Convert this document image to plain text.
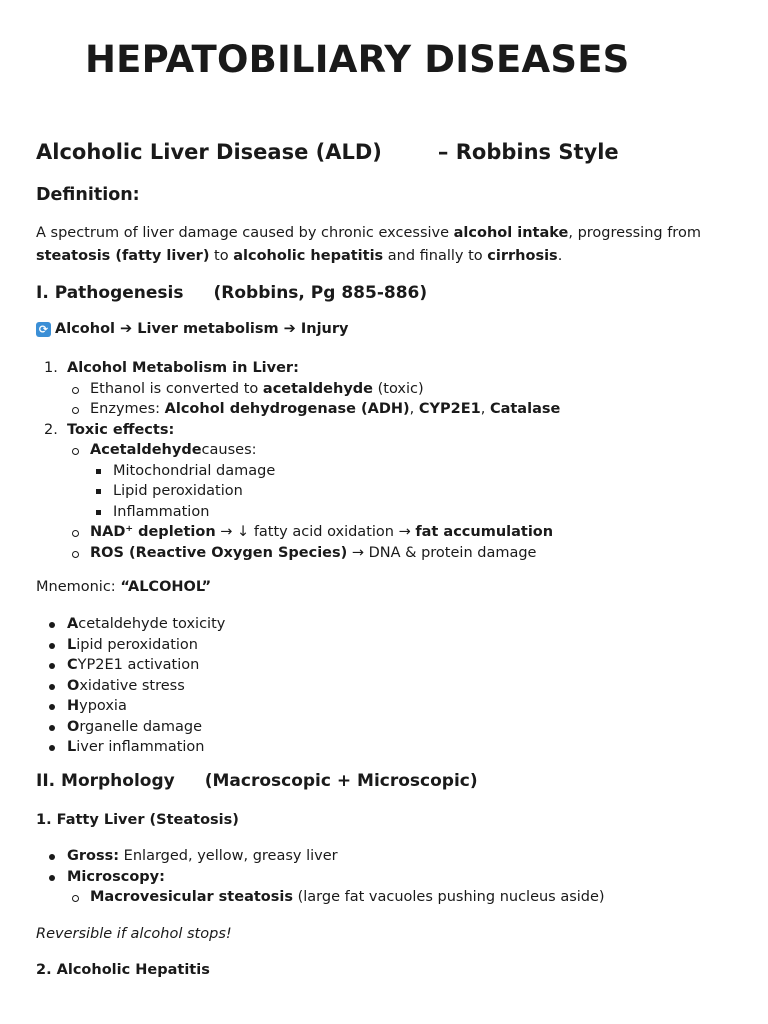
HEPATOBILIARY DISEASES
Alcoholic Liver Disease (ALD)	– Robbins Style
Definition:

A spectrum of liver damage caused by chronic excessive alcohol intake, progressing from steatosis (fatty liver) to alcoholic hepatitis and finally to cirrhosis.

I. Pathogenesis (Robbins, Pg 885-886)
⟳ Alcohol ➔ Liver metabolism ➔ Injury
1. Alcohol Metabolism in Liver:
Ethanol is converted to acetaldehyde (toxic)
Enzymes: Alcohol dehydrogenase (ADH), CYP2E1, Catalase
2. Toxic effects:
Acetaldehydecauses:
Mitochondrial damage
Lipid peroxidation
Inflammation
NAD⁺ depletion → ↓ fatty acid oxidation → fat accumulation
ROS (Reactive Oxygen Species) → DNA & protein damage

Mnemonic: “ALCOHOL”

Acetaldehyde toxicity
Lipid peroxidation
CYP2E1 activation
Oxidative stress
Hypoxia
Organelle damage
Liver inflammation
II. Morphology (Macroscopic + Microscopic)

1. Fatty Liver (Steatosis)

Gross: Enlarged, yellow, greasy liver
Microscopy:
Macrovesicular steatosis (large fat vacuoles pushing nucleus aside)

Reversible if alcohol stops!

2. Alcoholic Hepatitis
